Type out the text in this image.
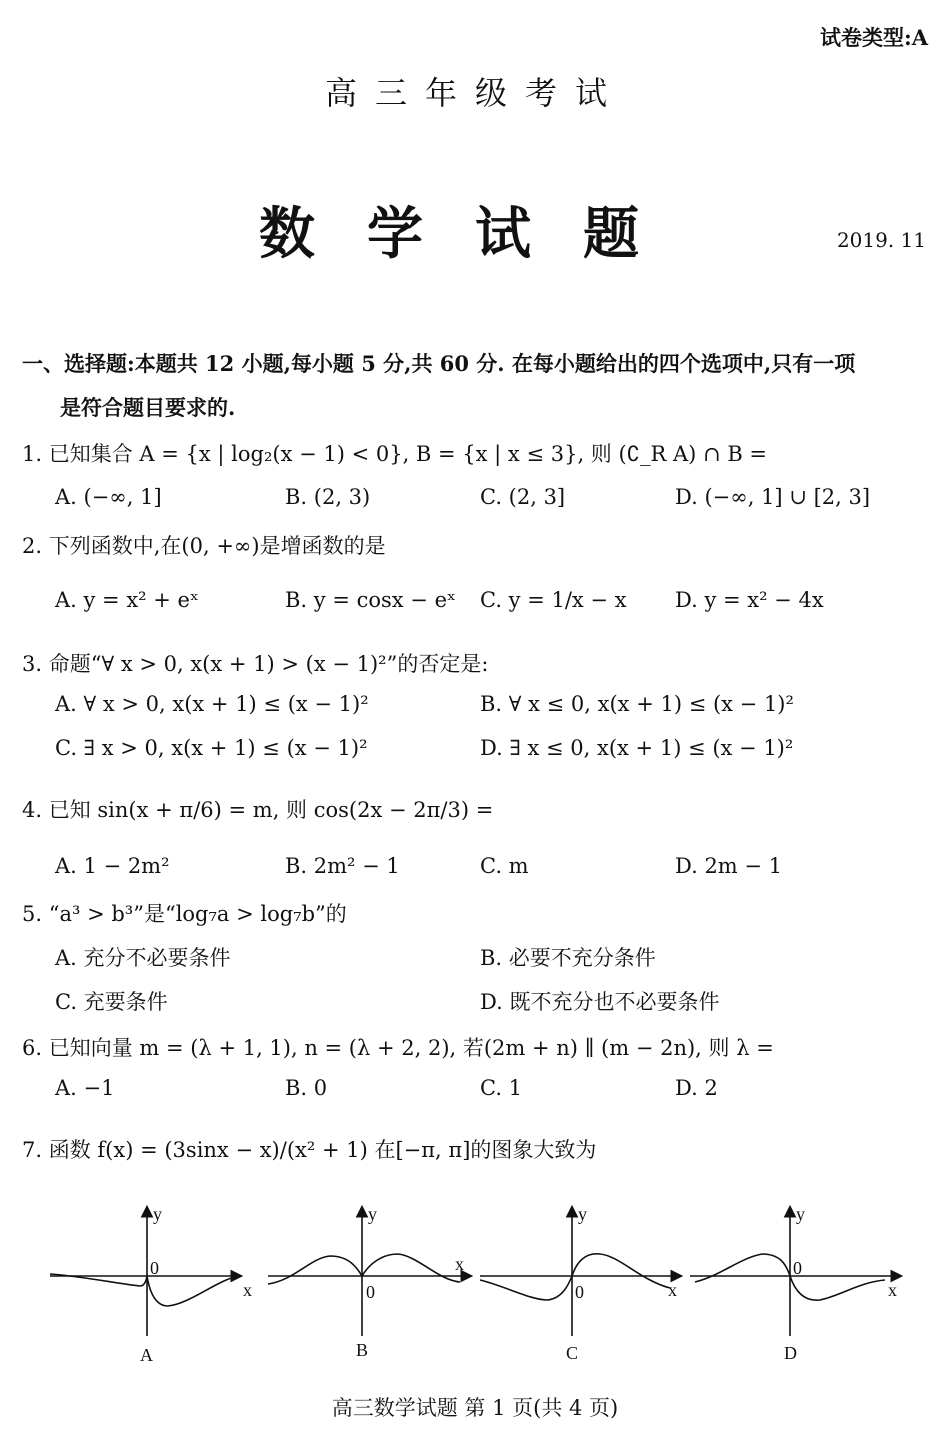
试卷类型:A
高三年级考试
数学试题	2019. 11
一、选择题:本题共 12 小题,每小题 5 分,共 60 分. 在每小题给出的四个选项中,只有一项
是符合题目要求的.
1. 已知集合 A = {x | log₂(x − 1) < 0}, B = {x | x ≤ 3}, 则 (∁_R A) ∩ B =
A. (−∞, 1]	B. (2, 3)	C. (2, 3]	D. (−∞, 1] ∪ [2, 3]
2. 下列函数中,在(0, +∞)是增函数的是
A. y = x² + eˣ	B. y = cosx − eˣ C. y = 1/x − x D. y = x² − 4x
3. 命题“∀ x > 0, x(x + 1) > (x − 1)²”的否定是:
A. ∀ x > 0, x(x + 1) ≤ (x − 1)²	B. ∀ x ≤ 0, x(x + 1) ≤ (x − 1)²
C. ∃ x > 0, x(x + 1) ≤ (x − 1)²	D. ∃ x ≤ 0, x(x + 1) ≤ (x − 1)²
4. 已知 sin(x + π/6) = m, 则 cos(2x − 2π/3) =
A. 1 − 2m²	B. 2m² − 1	C. m	D. 2m − 1
5. “a³ > b³”是“log₇a > log₇b”的
A. 充分不必要条件	B. 必要不充分条件
C. 充要条件	D. 既不充分也不必要条件
6. 已知向量 m = (λ + 1, 1), n = (λ + 2, 2), 若(2m + n) ∥ (m − 2n), 则 λ =
A. −1	B. 0	C. 1	D. 2
7. 函数 f(x) = (3sinx − x)/(x² + 1) 在[−π, π]的图象大致为
y
0
x
A
y
0
x
B
y
0	x
C
y
0
x
D
高三数学试题 第 1 页(共 4 页)
